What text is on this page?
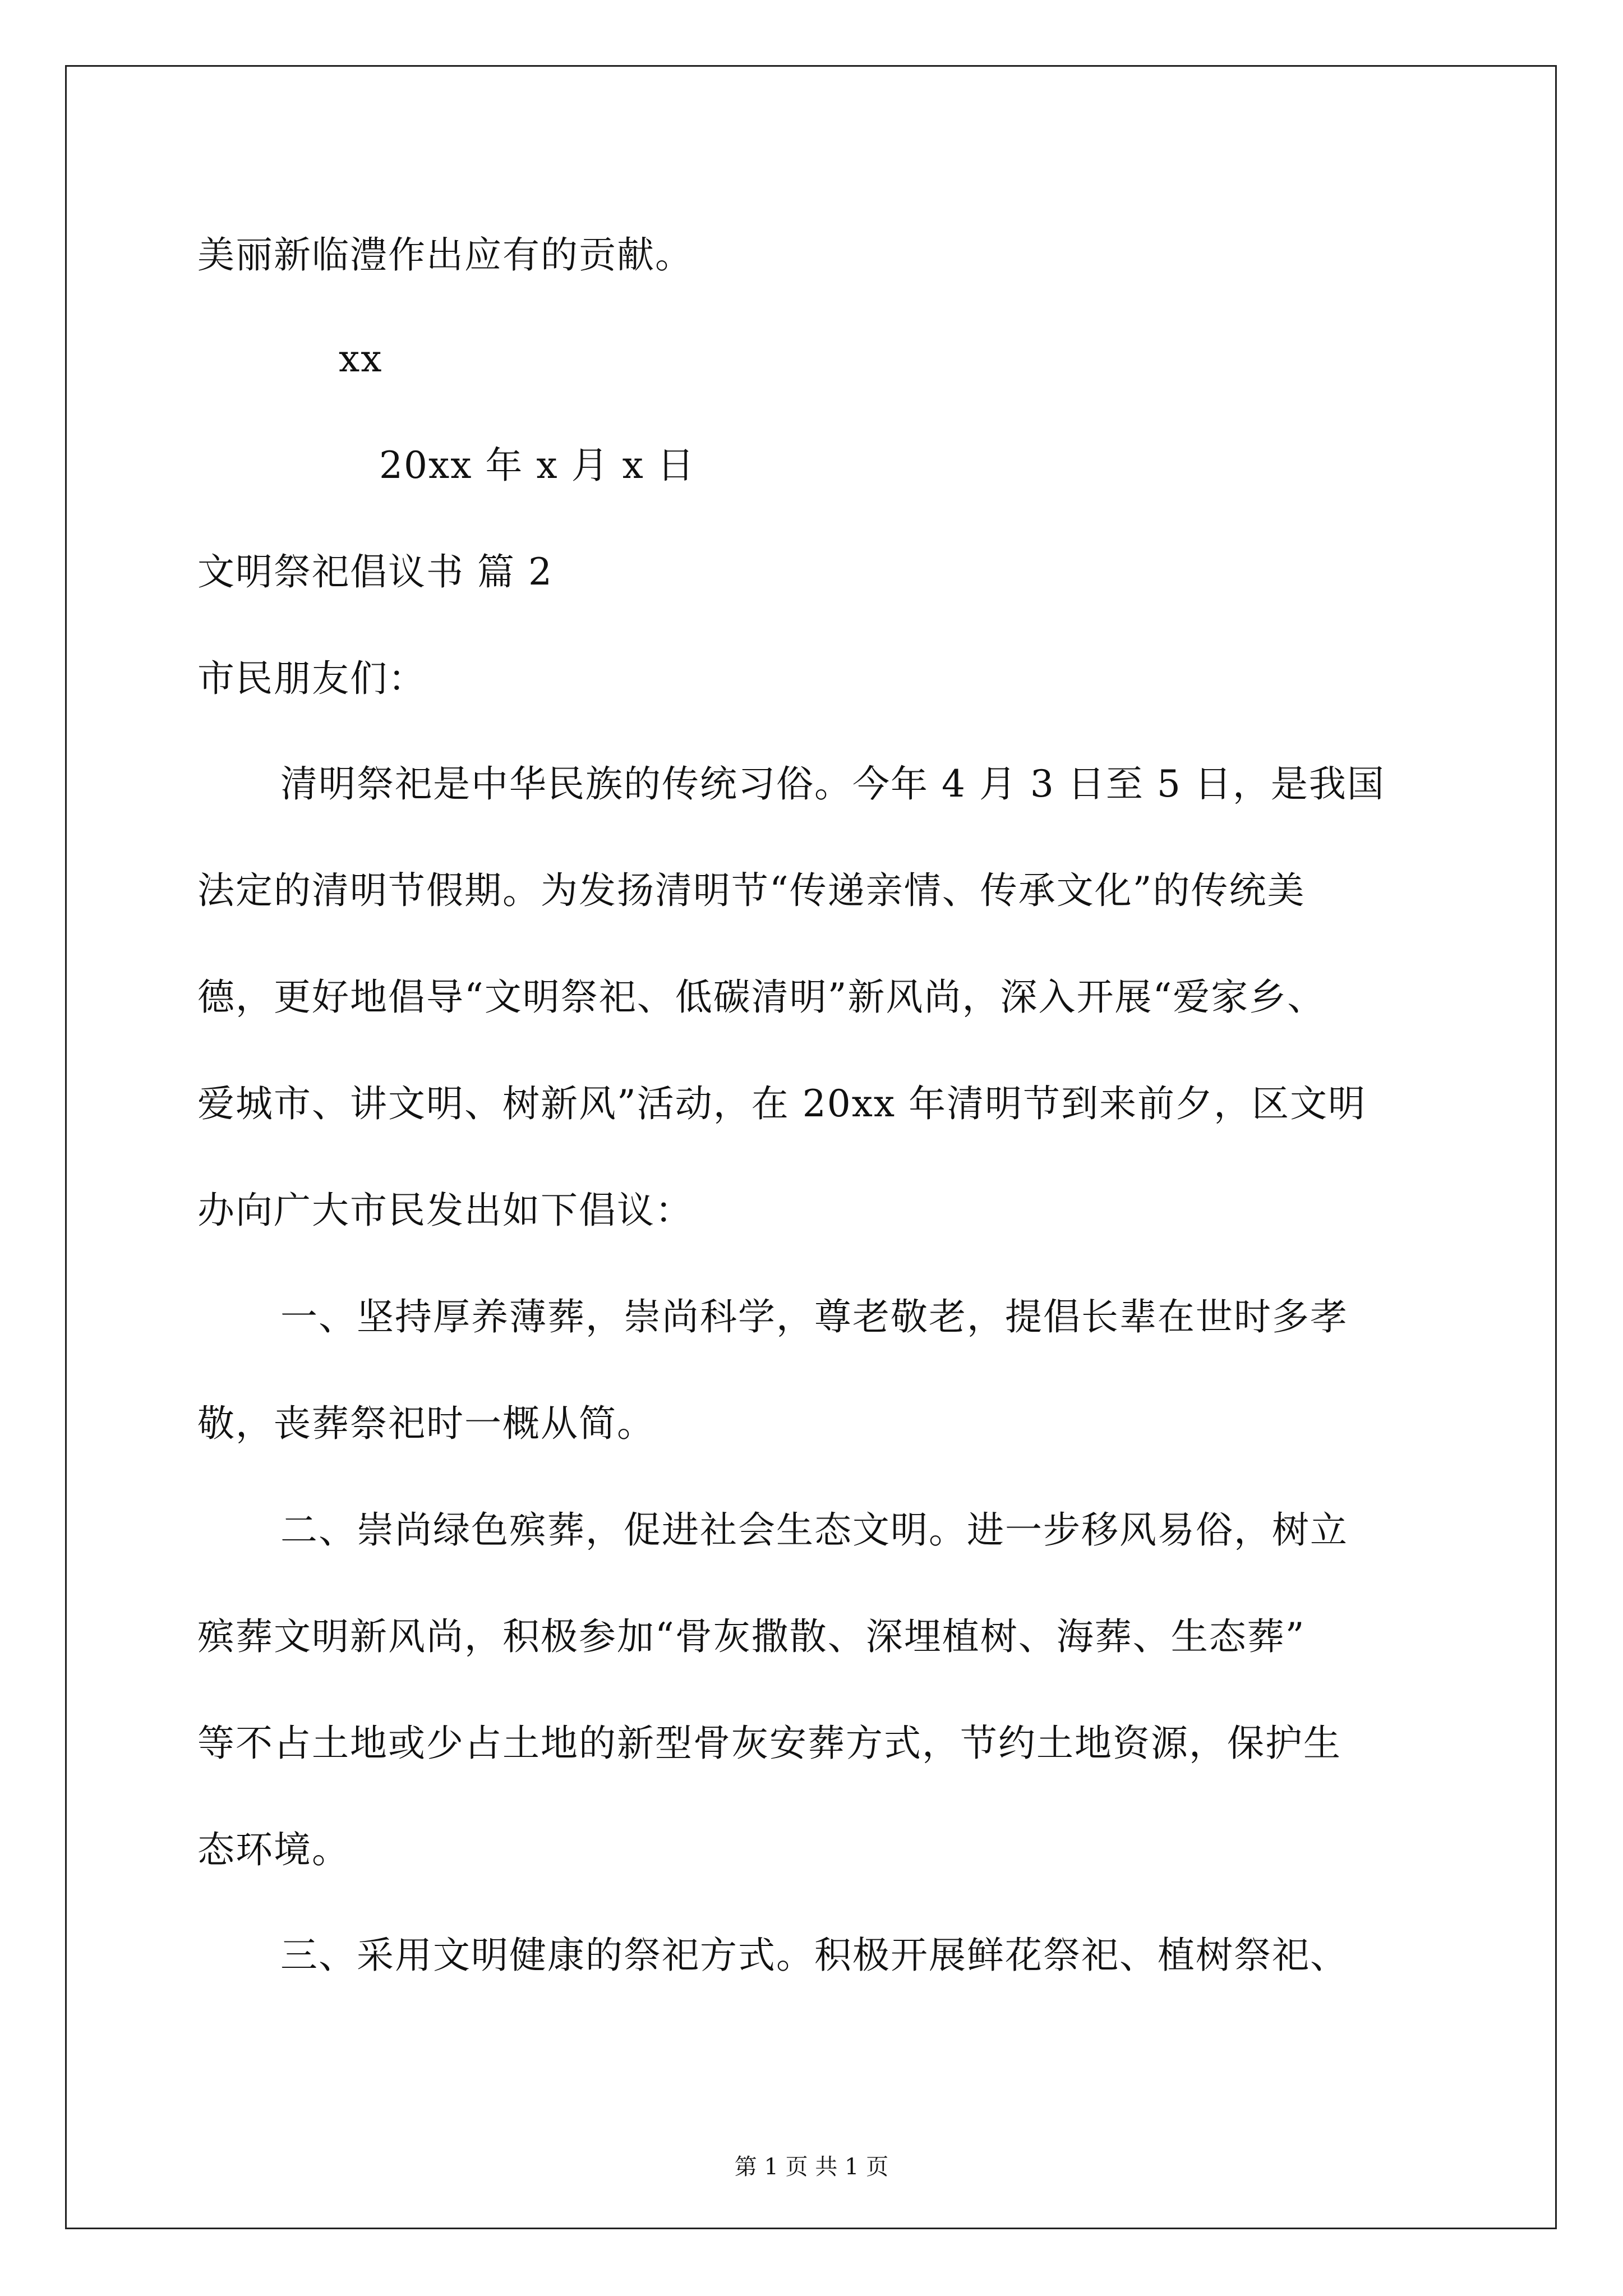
美丽新临澧作出应有的贡献。
xx
20xx 年 x 月 x 日
文明祭祀倡议书 篇 2
市民朋友们：
清明祭祀是中华民族的传统习俗。今年 4 月 3 日至 5 日，是我国
法定的清明节假期。为发扬清明节“传递亲情、传承文化”的传统美
德，更好地倡导“文明祭祀、低碳清明”新风尚，深入开展“爱家乡、
爱城市、讲文明、树新风”活动，在 20xx 年清明节到来前夕，区文明
办向广大市民发出如下倡议：
一、坚持厚养薄葬，崇尚科学，尊老敬老，提倡长辈在世时多孝
敬，丧葬祭祀时一概从简。
二、崇尚绿色殡葬，促进社会生态文明。进一步移风易俗，树立
殡葬文明新风尚，积极参加“骨灰撒散、深埋植树、海葬、生态葬”
等不占土地或少占土地的新型骨灰安葬方式，节约土地资源，保护生
态环境。
三、采用文明健康的祭祀方式。积极开展鲜花祭祀、植树祭祀、
第 1 页 共 1 页
